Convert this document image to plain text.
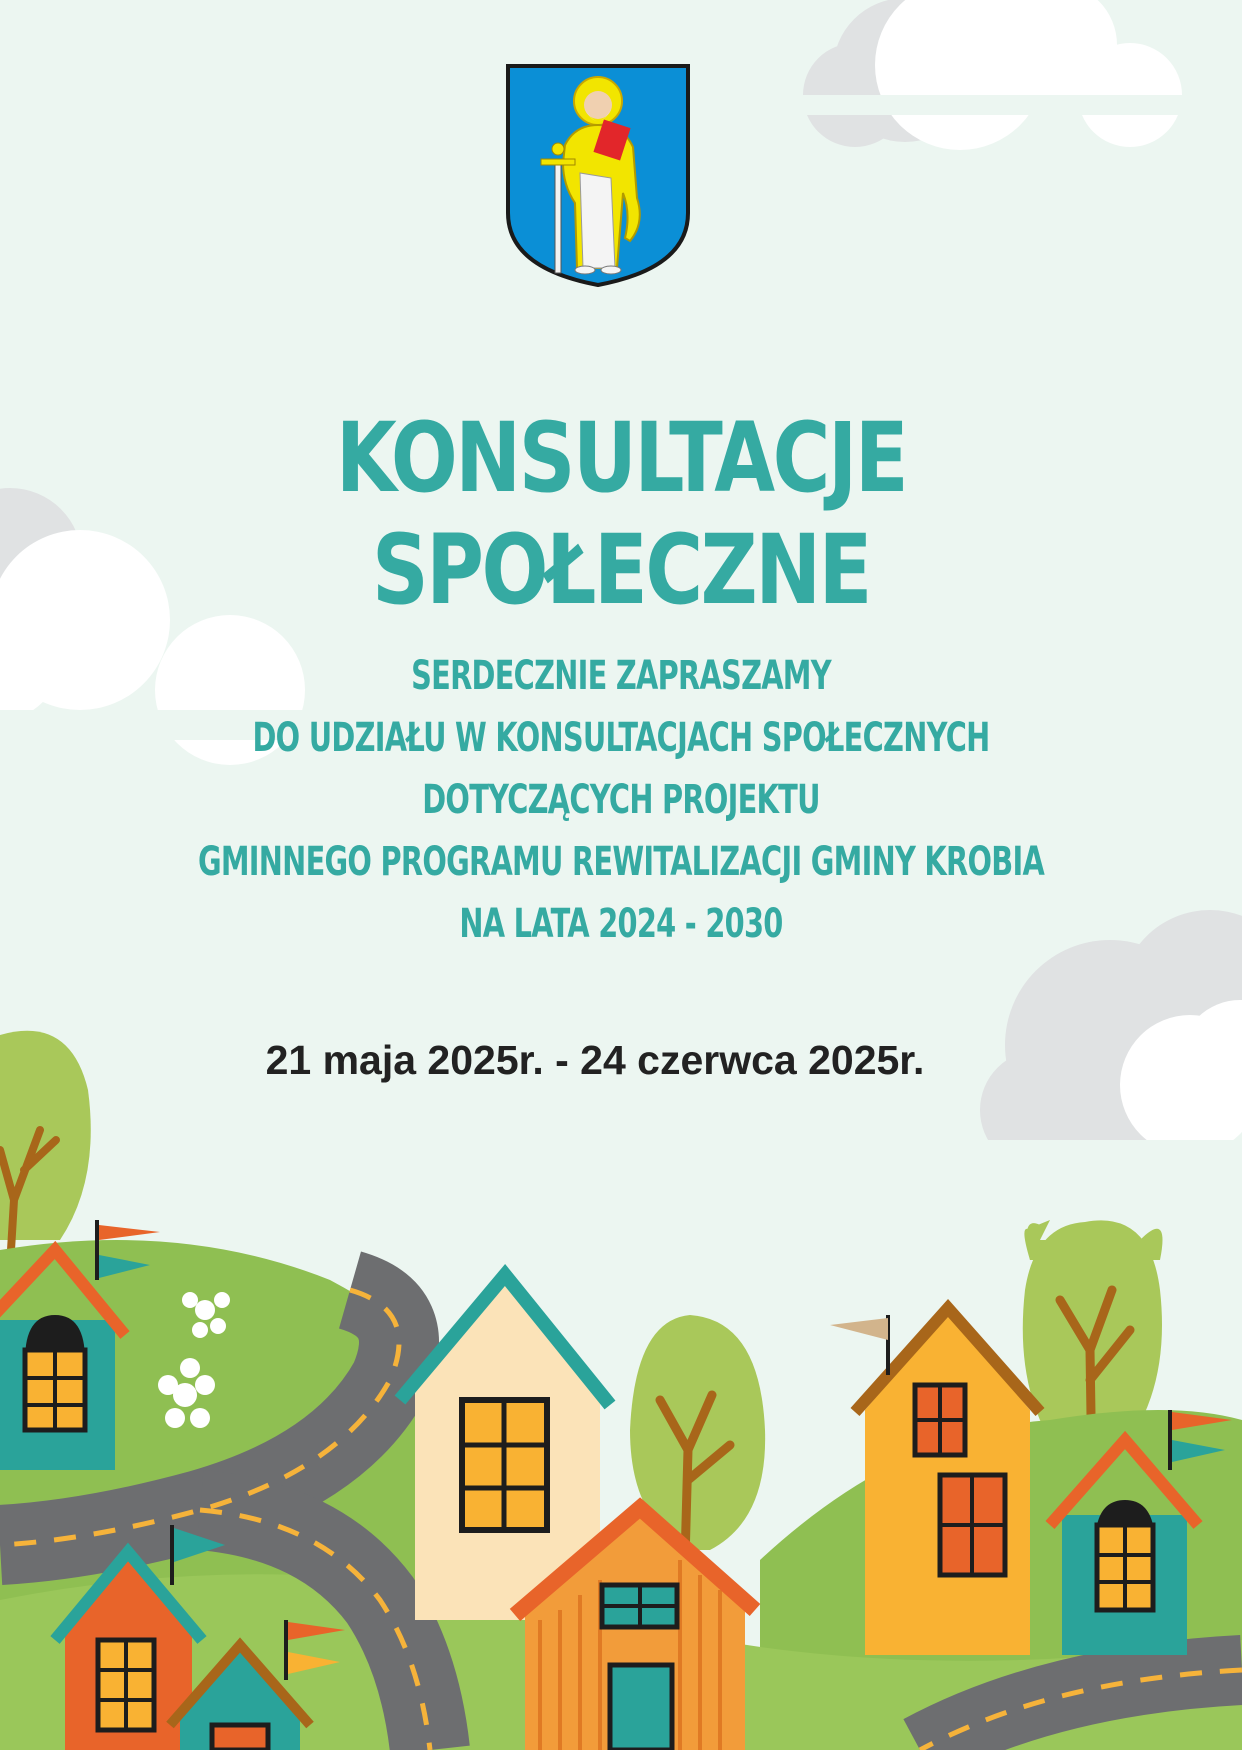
KONSULTACJE SPOŁECZNE
SERDECZNIE ZAPRASZAMY
DO UDZIAŁU W KONSULTACJACH SPOŁECZNYCH
DOTYCZĄCYCH PROJEKTU
GMINNEGO PROGRAMU REWITALIZACJI GMINY KROBIA
NA LATA 2024 - 2030
21 maja 2025r. - 24 czerwca 2025r.
